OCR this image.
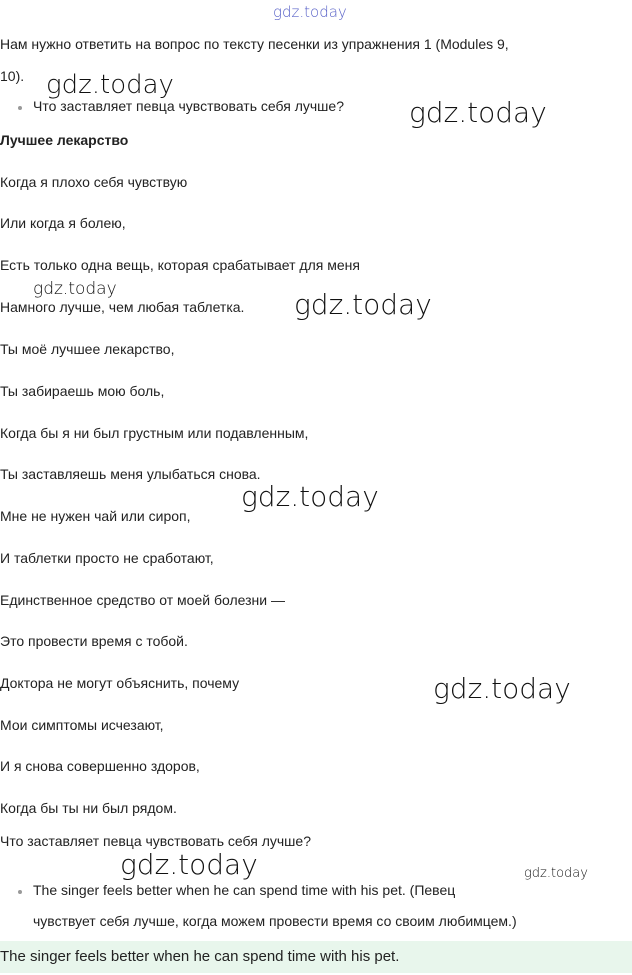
gdz.today
Нам нужно ответить на вопрос по тексту песенки из упражнения 1 (Modules 9,
10). gdz.today
Что заставляет певца чувствовать себя лучше? gdz.today
Лучшее лекарство
Когда я плохо себя чувствую
Или когда я болею,
Есть только одна вещь, которая срабатывает для меня
gdz.today
Намного лучше, чем любая таблетка. gdz.today
Ты моё лучшее лекарство,
Ты забираешь мою боль,
Когда бы я ни был грустным или подавленным,
Ты заставляешь меня улыбаться снова.
gdz.today
Мне не нужен чай или сироп,
И таблетки просто не сработают,
Единственное средство от моей болезни —
Это провести время с тобой.
Доктора не могут объяснить, почему	gdz.today
Мои симптомы исчезают,
И я снова совершенно здоров,
Когда бы ты ни был рядом.
Что заставляет певца чувствовать себя лучше?
gdz.today	gdz.today
The singer feels better when he can spend time with his pet. (Певец
чувствует себя лучше, когда можем провести время со своим любимцем.)
The singer feels better when he can spend time with his pet.
